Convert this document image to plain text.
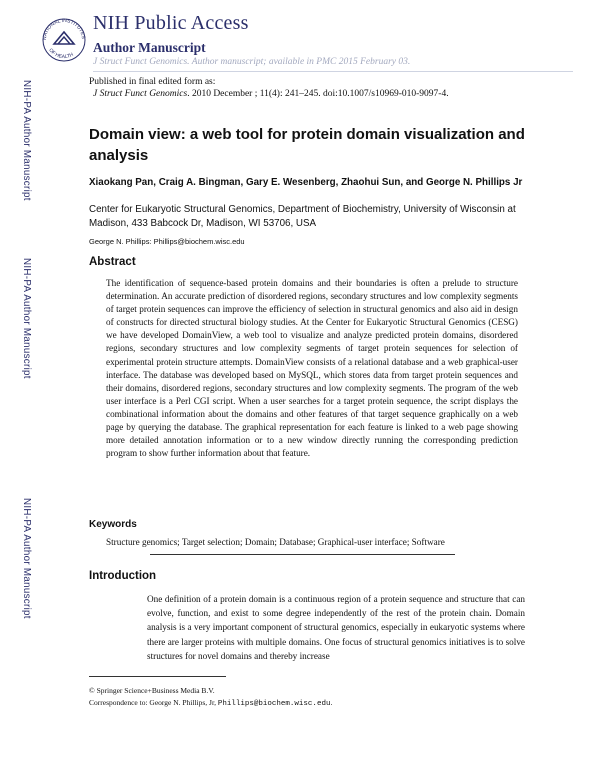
NATIONAL INSTITUTES
OF HEALTH
NIH Public Access
Author Manuscript
J Struct Funct Genomics. Author manuscript; available in PMC 2015 February 03.
Published in final edited form as:
J Struct Funct Genomics. 2010 December ; 11(4): 241–245. doi:10.1007/s10969-010-9097-4.
NIH-PA Author Manuscript
NIH-PA Author Manuscript
NIH-PA Author Manuscript
Domain view: a web tool for protein domain visualization and analysis
Xiaokang Pan, Craig A. Bingman, Gary E. Wesenberg, Zhaohui Sun, and George N. Phillips Jr
Center for Eukaryotic Structural Genomics, Department of Biochemistry, University of Wisconsin at Madison, 433 Babcock Dr, Madison, WI 53706, USA
George N. Phillips: Phillips@biochem.wisc.edu
Abstract
The identification of sequence-based protein domains and their boundaries is often a prelude to structure determination. An accurate prediction of disordered regions, secondary structures and low complexity segments of target protein sequences can improve the efficiency of selection in structural genomics and also aid in design of constructs for directed structural biology studies. At the Center for Eukaryotic Structural Genomics (CESG) we have developed DomainView, a web tool to visualize and analyze predicted protein domains, disordered regions, secondary structures and low complexity segments of target protein sequences for selection of experimental protein structure attempts. DomainView consists of a relational database and a web graphical-user interface. The database was developed based on MySQL, which stores data from target protein sequences and their domains, disordered regions, secondary structures and low complexity segments. The program of the web user interface is a Perl CGI script. When a user searches for a target protein sequence, the script displays the combinational information about the domains and other features of that target sequence graphically on a web page by querying the database. The graphical representation for each feature is linked to a web page showing more detailed annotation information or to a new window directly running the corresponding prediction program to show further information about that feature.
Keywords
Structure genomics; Target selection; Domain; Database; Graphical-user interface; Software
Introduction
One definition of a protein domain is a continuous region of a protein sequence and structure that can evolve, function, and exist to some degree independently of the rest of the protein chain. Domain analysis is a very important component of structural genomics, especially in eukaryotic systems where there are larger proteins with multiple domains. One focus of structural genomics initiatives is to solve structures for novel domains and thereby increase
© Springer Science+Business Media B.V.
Correspondence to: George N. Phillips, Jr, Phillips@biochem.wisc.edu.
